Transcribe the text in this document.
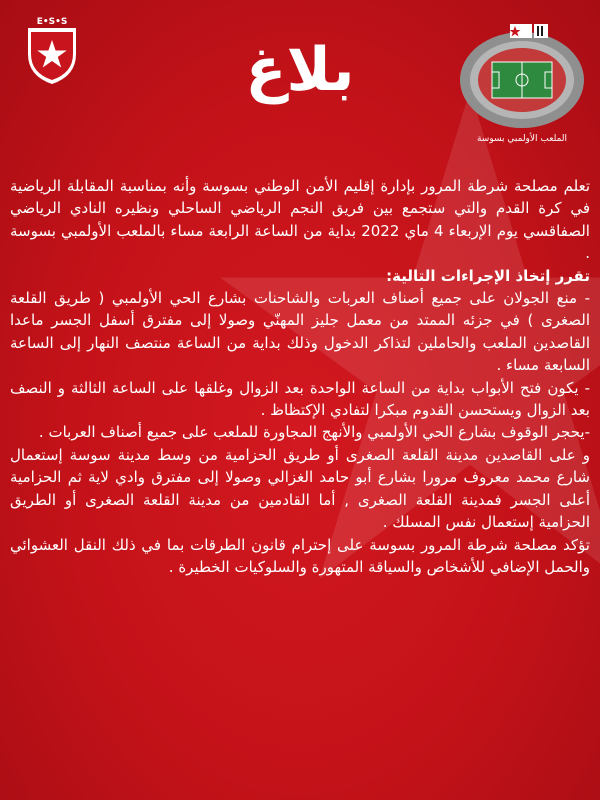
E•S•S
بلاغ
الملعب الأولمبي بسوسة

تعلم مصلحة شرطة المرور بإدارة إقليم الأمن الوطني بسوسة وأنه بمناسبة المقابلة الرياضية في كرة القدم والتي ستجمع بين فريق النجم الرياضي الساحلي ونظيره النادي الرياضي الصفاقسي يوم الإربعاء 4 ماي 2022 بداية من الساعة الرابعة مساء بالملعب الأولمبي بسوسة .

تقرر إتخاذ الإجراءات التالية:

- منع الجولان على جميع أصناف العربات والشاحنات بشارع الحي الأولمبي ( طريق القلعة الصغرى ) في جزئه الممتد من معمل جليز المهنّي وصولا إلى مفترق أسفل الجسر ماعدا القاصدين الملعب والحاملين لتذاكر الدخول وذلك بداية من الساعة منتصف النهار إلى الساعة السابعة مساء .

- يكون فتح الأبواب بداية من الساعة الواحدة بعد الزوال وغلقها على الساعة الثالثة و النصف بعد الزوال ويستحسن القدوم مبكرا لتفادي الإكتظاظ .

-يحجر الوقوف بشارع الحي الأولمبي والأنهج المجاورة للملعب على جميع أصناف العربات .

و على القاصدين مدينة القلعة الصغرى أو طريق الحزامية من وسط مدينة سوسة إستعمال شارع محمد معروف مرورا بشارع أبو حامد الغزالي وصولا إلى مفترق وادي لاية ثم الحزامية أعلى الجسر فمدينة القلعة الصغرى , أما القادمين من مدينة القلعة الصغرى أو الطريق الحزامية إستعمال نفس المسلك .

تؤكد مصلحة شرطة المرور بسوسة على إحترام قانون الطرقات بما في ذلك النقل العشوائي والحمل الإضافي للأشخاص والسياقة المتهورة والسلوكيات الخطيرة .
